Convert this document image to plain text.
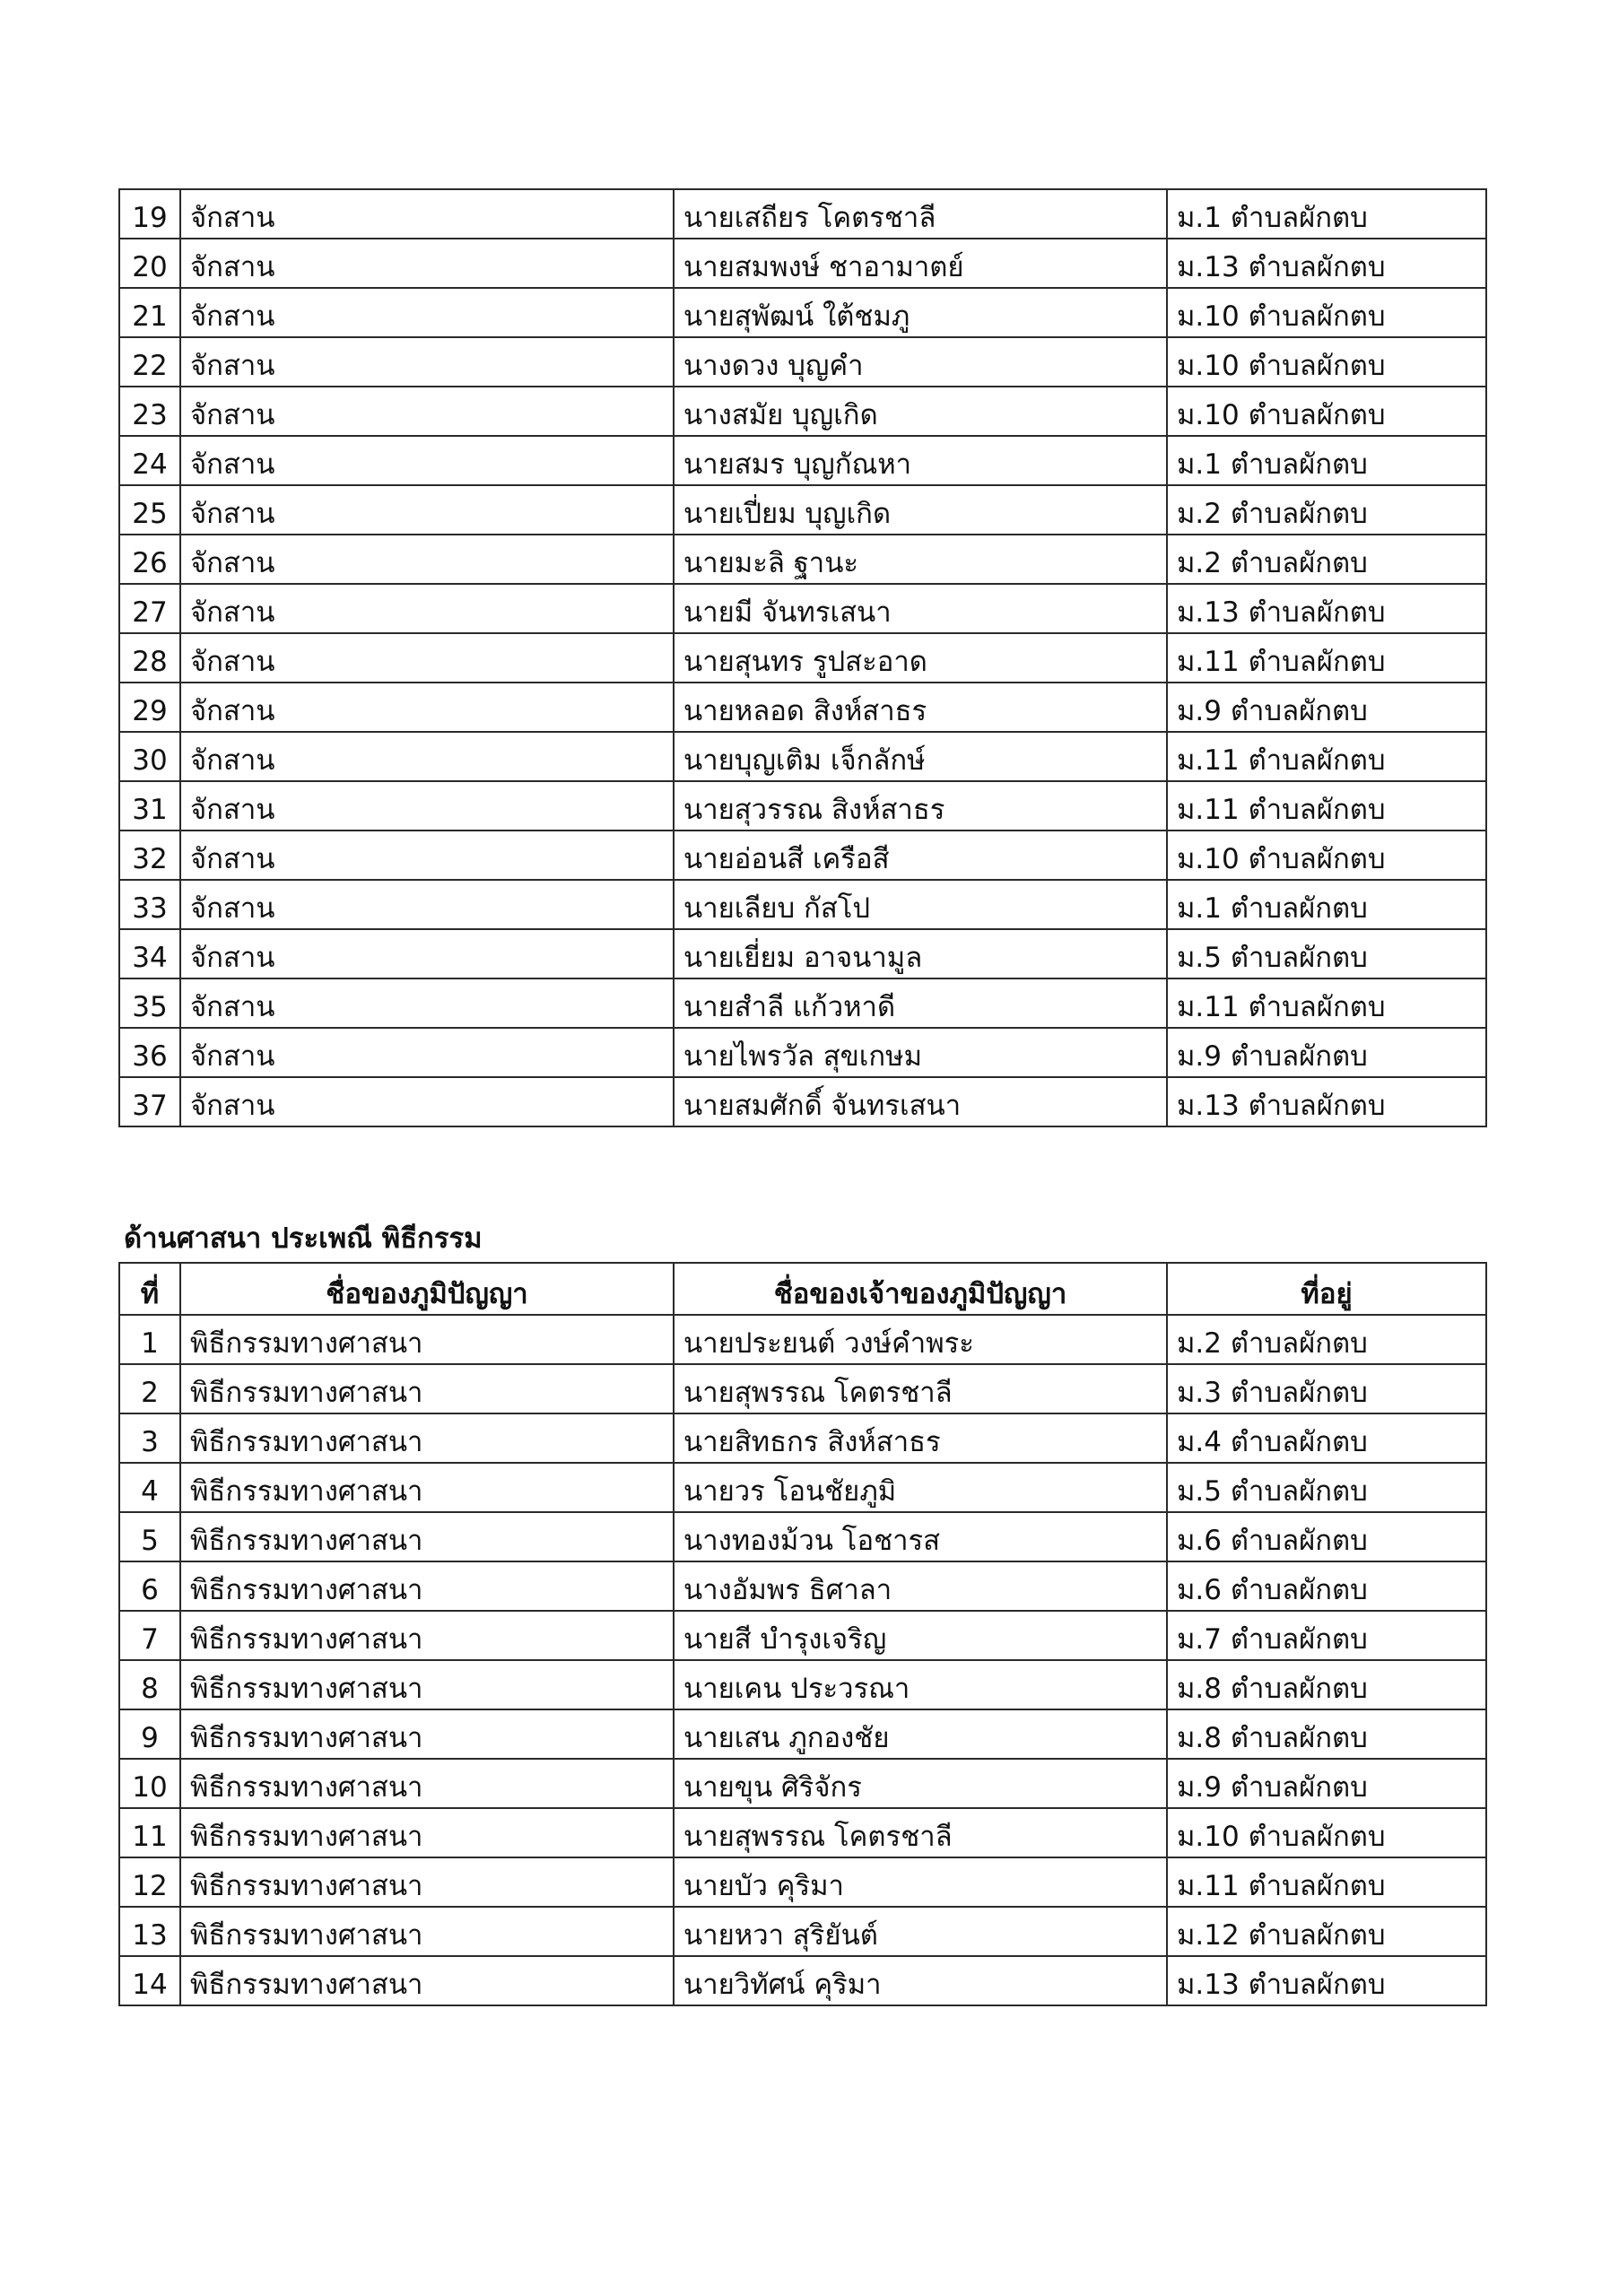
19	จักสาน	นายเสถียร โคตรชาลี	ม.1 ตำบลผักตบ
20	จักสาน	นายสมพงษ์ ชาอามาตย์	ม.13 ตำบลผักตบ
21	จักสาน	นายสุพัฒน์ ใต้ชมภู	ม.10 ตำบลผักตบ
22	จักสาน	นางดวง บุญคำ	ม.10 ตำบลผักตบ
23	จักสาน	นางสมัย บุญเกิด	ม.10 ตำบลผักตบ
24	จักสาน	นายสมร บุญกัณหา	ม.1 ตำบลผักตบ
25	จักสาน	นายเปี่ยม บุญเกิด	ม.2 ตำบลผักตบ
26	จักสาน	นายมะลิ ฐานะ	ม.2 ตำบลผักตบ
27	จักสาน	นายมี จันทรเสนา	ม.13 ตำบลผักตบ
28	จักสาน	นายสุนทร รูปสะอาด	ม.11 ตำบลผักตบ
29	จักสาน	นายหลอด สิงห์สาธร	ม.9 ตำบลผักตบ
30	จักสาน	นายบุญเติม เจ็กลักษ์	ม.11 ตำบลผักตบ
31	จักสาน	นายสุวรรณ สิงห์สาธร	ม.11 ตำบลผักตบ
32	จักสาน	นายอ่อนสี เครือสี	ม.10 ตำบลผักตบ
33	จักสาน	นายเลียบ กัสโป	ม.1 ตำบลผักตบ
34	จักสาน	นายเยี่ยม อาจนามูล	ม.5 ตำบลผักตบ
35	จักสาน	นายสำลี แก้วหาดี	ม.11 ตำบลผักตบ
36	จักสาน	นายไพรวัล สุขเกษม	ม.9 ตำบลผักตบ
37	จักสาน	นายสมศักดิ์ จันทรเสนา	ม.13 ตำบลผักตบ
ด้านศาสนา ประเพณี พิธีกรรม
ที่	ชื่อของภูมิปัญญา	ชื่อของเจ้าของภูมิปัญญา	ที่อยู่
1	พิธีกรรมทางศาสนา	นายประยนต์ วงษ์คำพระ	ม.2 ตำบลผักตบ
2	พิธีกรรมทางศาสนา	นายสุพรรณ โคตรชาลี	ม.3 ตำบลผักตบ
3	พิธีกรรมทางศาสนา	นายสิทธกร สิงห์สาธร	ม.4 ตำบลผักตบ
4	พิธีกรรมทางศาสนา	นายวร โอนชัยภูมิ	ม.5 ตำบลผักตบ
5	พิธีกรรมทางศาสนา	นางทองม้วน โอชารส	ม.6 ตำบลผักตบ
6	พิธีกรรมทางศาสนา	นางอัมพร ธิศาลา	ม.6 ตำบลผักตบ
7	พิธีกรรมทางศาสนา	นายสี บำรุงเจริญ	ม.7 ตำบลผักตบ
8	พิธีกรรมทางศาสนา	นายเคน ประวรณา	ม.8 ตำบลผักตบ
9	พิธีกรรมทางศาสนา	นายเสน ภูกองชัย	ม.8 ตำบลผักตบ
10	พิธีกรรมทางศาสนา	นายขุน ศิริจักร	ม.9 ตำบลผักตบ
11	พิธีกรรมทางศาสนา	นายสุพรรณ โคตรชาลี	ม.10 ตำบลผักตบ
12	พิธีกรรมทางศาสนา	นายบัว คุริมา	ม.11 ตำบลผักตบ
13	พิธีกรรมทางศาสนา	นายหวา สุริยันต์	ม.12 ตำบลผักตบ
14	พิธีกรรมทางศาสนา	นายวิทัศน์ คุริมา	ม.13 ตำบลผักตบ
